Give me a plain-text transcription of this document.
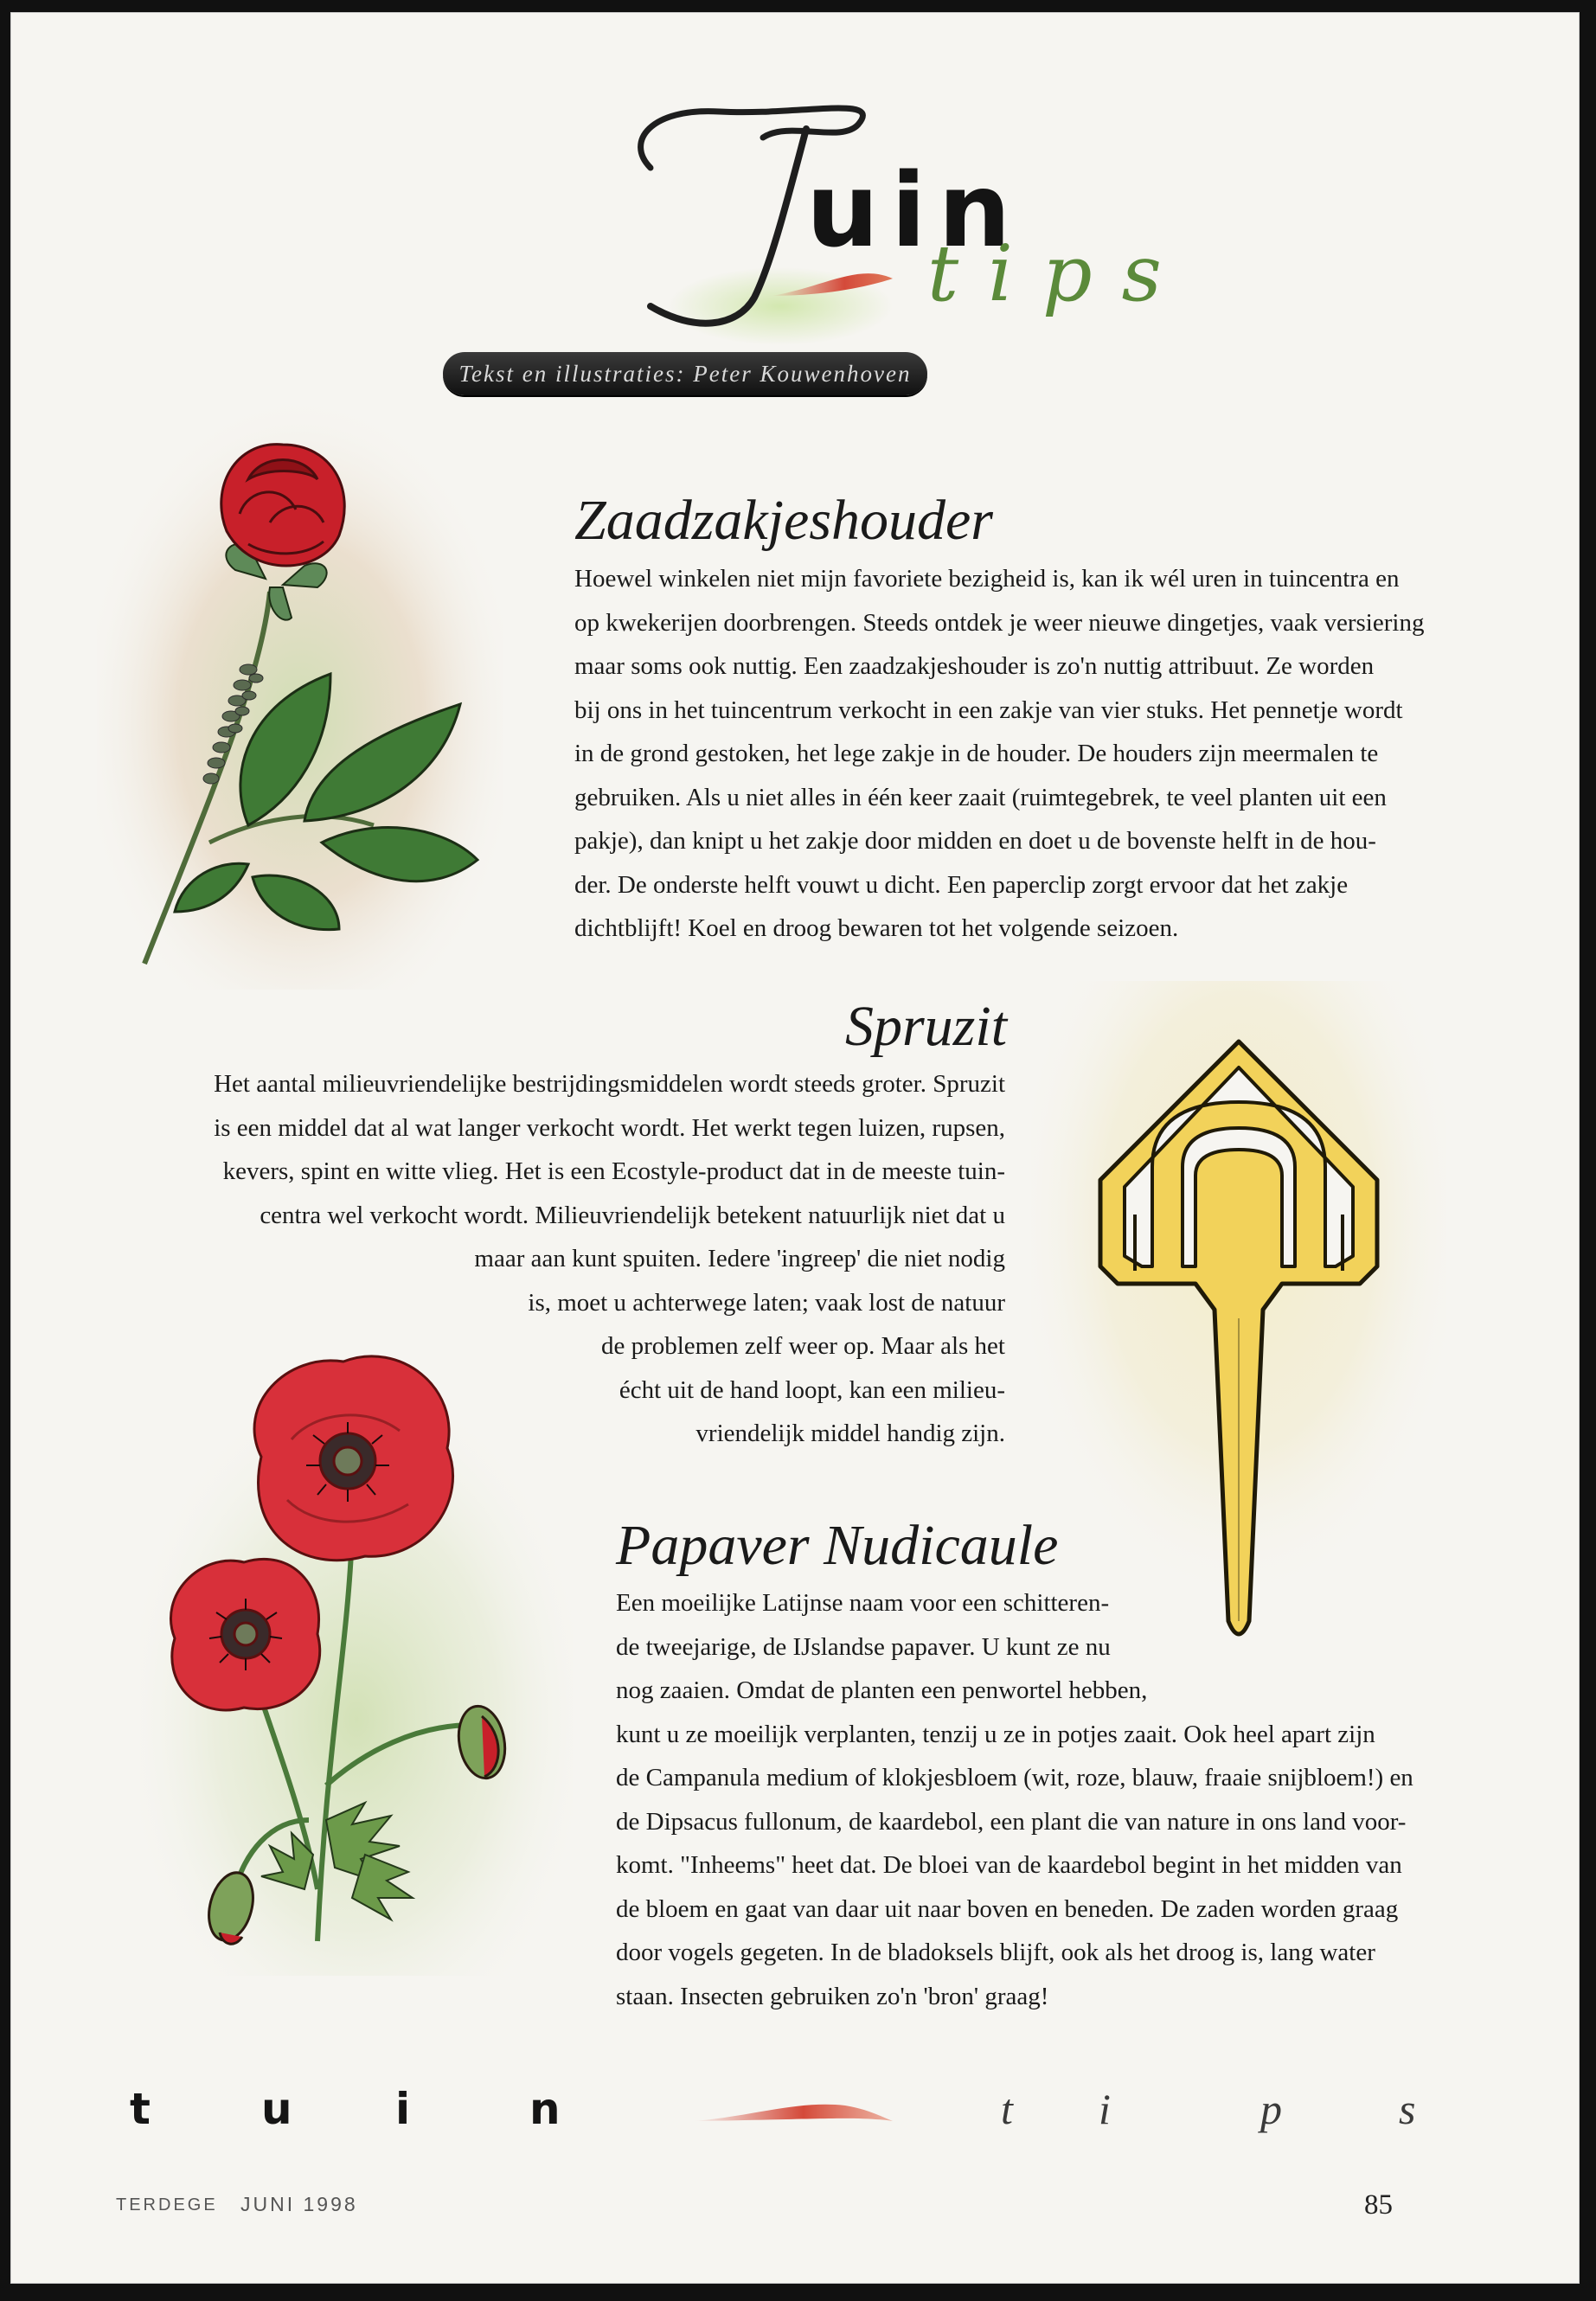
uin
tips
Tekst en illustraties: Peter Kouwenhoven
Zaadzakjeshouder

Hoewel winkelen niet mijn favoriete bezigheid is, kan ik wél uren in tuincentra en

op kwekerijen doorbrengen. Steeds ontdek je weer nieuwe dingetjes, vaak versiering

maar soms ook nuttig. Een zaadzakjeshouder is zo'n nuttig attribuut. Ze worden

bij ons in het tuincentrum verkocht in een zakje van vier stuks. Het pennetje wordt

in de grond gestoken, het lege zakje in de houder. De houders zijn meermalen te

gebruiken. Als u niet alles in één keer zaait (ruimtegebrek, te veel planten uit een

pakje), dan knipt u het zakje door midden en doet u de bovenste helft in de hou-

der. De onderste helft vouwt u dicht. Een paperclip zorgt ervoor dat het zakje

dichtblijft! Koel en droog bewaren tot het volgende seizoen.

Spruzit

Het aantal milieuvriendelijke bestrijdingsmiddelen wordt steeds groter. Spruzit

is een middel dat al wat langer verkocht wordt. Het werkt tegen luizen, rupsen,

kevers, spint en witte vlieg. Het is een Ecostyle-product dat in de meeste tuin-

centra wel verkocht wordt. Milieuvriendelijk betekent natuurlijk niet dat u

maar aan kunt spuiten. Iedere 'ingreep' die niet nodig

is, moet u achterwege laten; vaak lost de natuur

de problemen zelf weer op. Maar als het

écht uit de hand loopt, kan een milieu-

vriendelijk middel handig zijn.

Papaver Nudicaule

Een moeilijke Latijnse naam voor een schitteren-

de tweejarige, de IJslandse papaver. U kunt ze nu

nog zaaien. Omdat de planten een penwortel hebben,

kunt u ze moeilijk verplanten, tenzij u ze in potjes zaait. Ook heel apart zijn

de Campanula medium of klokjesbloem (wit, roze, blauw, fraaie snijbloem!) en

de Dipsacus fullonum, de kaardebol, een plant die van nature in ons land voor-

komt. "Inheems" heet dat. De bloei van de kaardebol begint in het midden van

de bloem en gaat van daar uit naar boven en beneden. De zaden worden graag

door vogels gegeten. In de bladoksels blijft, ook als het droog is, lang water

staan. Insecten gebruiken zo'n 'bron' graag!

t	u i	n	t i	p	s
TERDEGE JUNI 1998	85
